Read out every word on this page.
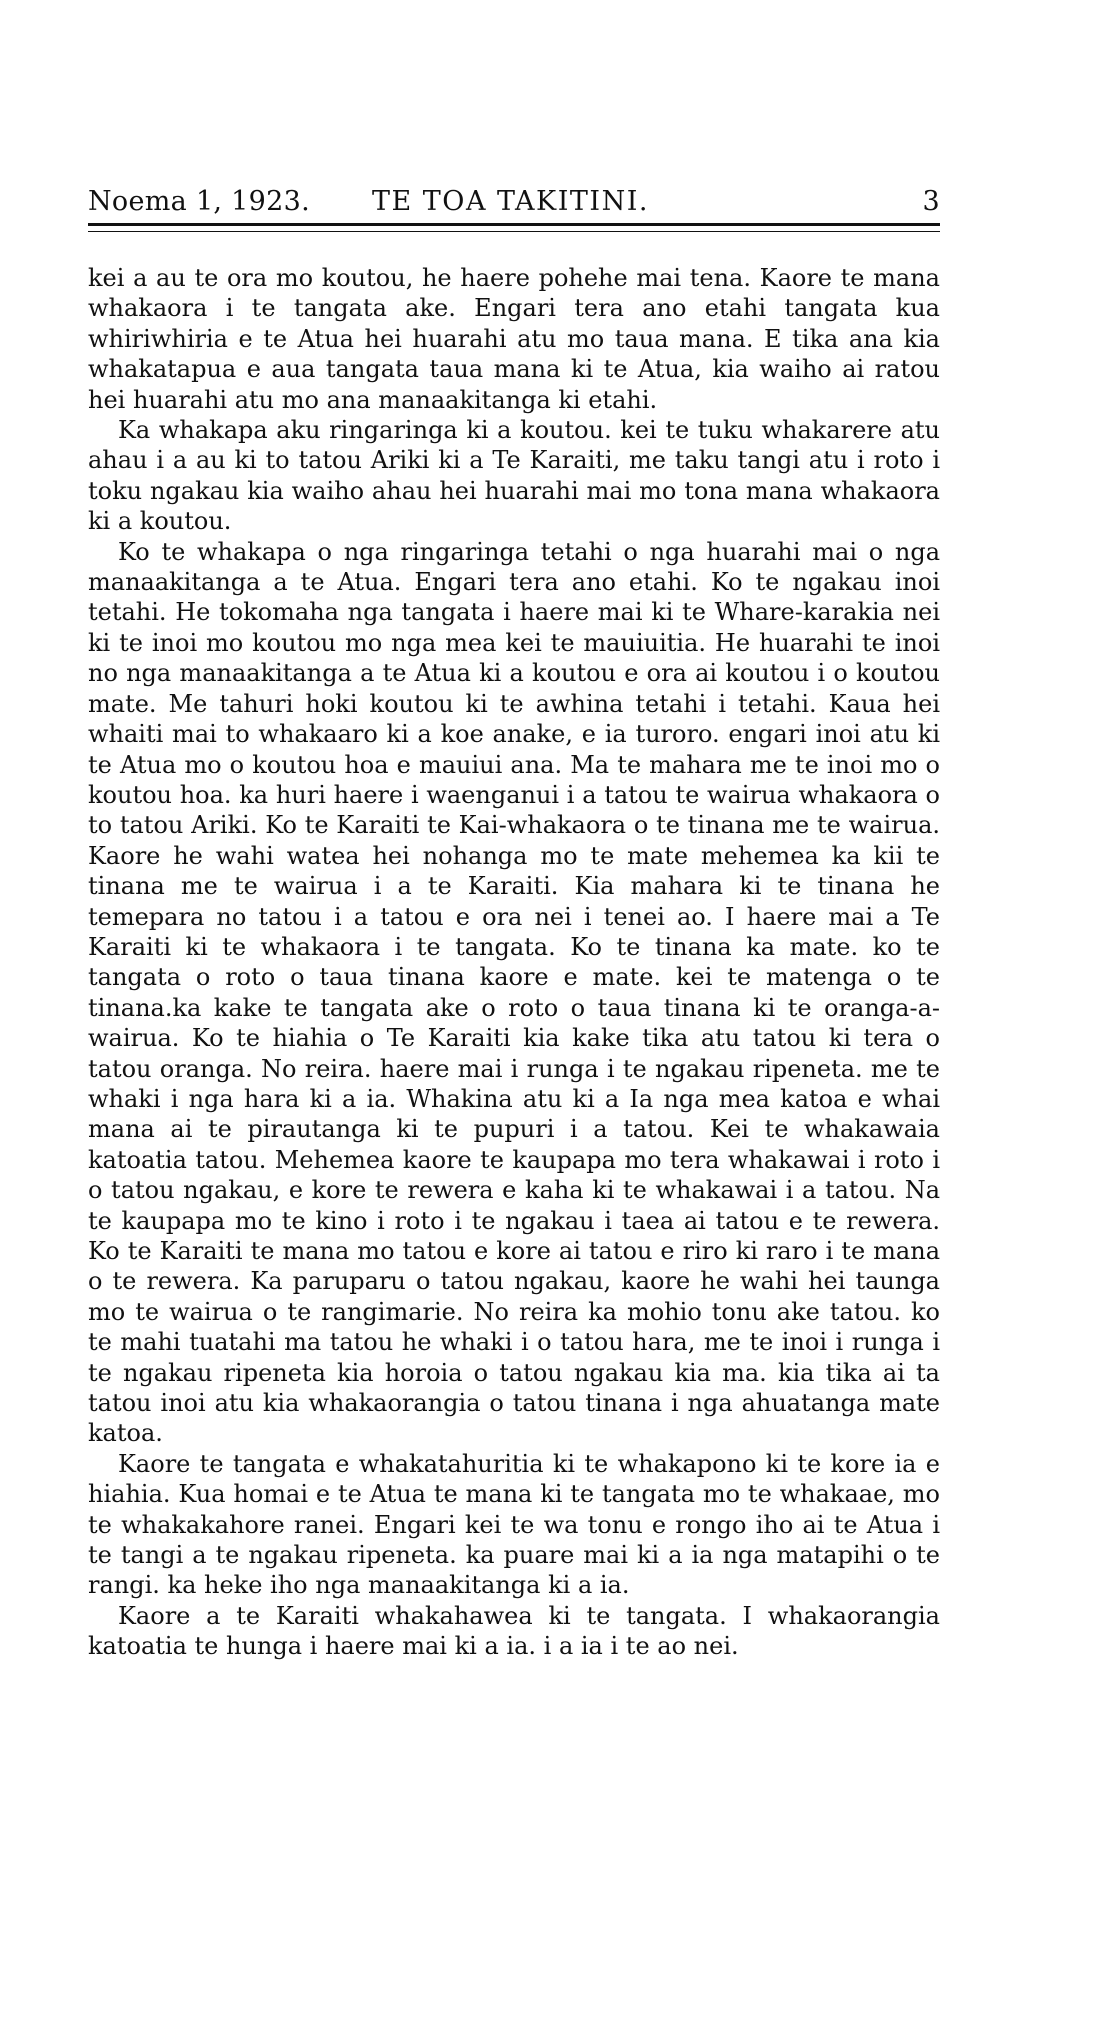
Noema 1, 1923. TE TOA TAKITINI.	3

kei a au te ora mo koutou, he haere pohehe mai tena. Kaore te mana whakaora i te tangata ake. Engari tera ano etahi tangata kua whiriwhiria e te Atua hei huarahi atu mo taua mana. E tika ana kia whakatapua e aua tangata taua mana ki te Atua, kia waiho ai ratou hei huarahi atu mo ana manaakitanga ki etahi.

Ka whakapa aku ringaringa ki a koutou. kei te tuku whakarere atu ahau i a au ki to tatou Ariki ki a Te Karaiti, me taku tangi atu i roto i toku ngakau kia waiho ahau hei huarahi mai mo tona mana whakaora ki a koutou.

Ko te whakapa o nga ringaringa tetahi o nga huarahi mai o nga manaakitanga a te Atua. Engari tera ano etahi. Ko te ngakau inoi tetahi. He tokomaha nga tangata i haere mai ki te Whare-karakia nei ki te inoi mo koutou mo nga mea kei te mauiuitia. He huarahi te inoi no nga manaakitanga a te Atua ki a koutou e ora ai koutou i o koutou mate. Me tahuri hoki koutou ki te awhina tetahi i tetahi. Kaua hei whaiti mai to whakaaro ki a koe anake, e ia turoro. engari inoi atu ki te Atua mo o koutou hoa e mauiui ana. Ma te mahara me te inoi mo o koutou hoa. ka huri haere i waenganui i a tatou te wairua whakaora o to tatou Ariki. Ko te Karaiti te Kai-whakaora o te tinana me te wairua. Kaore he wahi watea hei nohanga mo te mate mehemea ka kii te tinana me te wairua i a te Karaiti. Kia mahara ki te tinana he temepara no tatou i a tatou e ora nei i tenei ao. I haere mai a Te Karaiti ki te whakaora i te tangata. Ko te tinana ka mate. ko te tangata o roto o taua tinana kaore e mate. kei te matenga o te tinana.ka kake te tangata ake o roto o taua tinana ki te oranga-a-wairua. Ko te hiahia o Te Karaiti kia kake tika atu tatou ki tera o tatou oranga. No reira. haere mai i runga i te ngakau ripeneta. me te whaki i nga hara ki a ia. Whakina atu ki a Ia nga mea katoa e whai mana ai te pirautanga ki te pupuri i a tatou. Kei te whakawaia katoatia tatou. Mehemea kaore te kaupapa mo tera whakawai i roto i o tatou ngakau, e kore te rewera e kaha ki te whakawai i a tatou. Na te kaupapa mo te kino i roto i te ngakau i taea ai tatou e te rewera. Ko te Karaiti te mana mo tatou e kore ai tatou e riro ki raro i te mana o te rewera. Ka paruparu o tatou ngakau, kaore he wahi hei taunga mo te wairua o te rangimarie. No reira ka mohio tonu ake tatou. ko te mahi tuatahi ma tatou he whaki i o tatou hara, me te inoi i runga i te ngakau ripeneta kia horoia o tatou ngakau kia ma. kia tika ai ta tatou inoi atu kia whakaorangia o tatou tinana i nga ahuatanga mate katoa.

Kaore te tangata e whakatahuritia ki te whakapono ki te kore ia e hiahia. Kua homai e te Atua te mana ki te tangata mo te whakaae, mo te whakakahore ranei. Engari kei te wa tonu e rongo iho ai te Atua i te tangi a te ngakau ripeneta. ka puare mai ki a ia nga matapihi o te rangi. ka heke iho nga manaakitanga ki a ia.

Kaore a te Karaiti whakahawea ki te tangata. I whakaorangia katoatia te hunga i haere mai ki a ia. i a ia i te ao nei.
